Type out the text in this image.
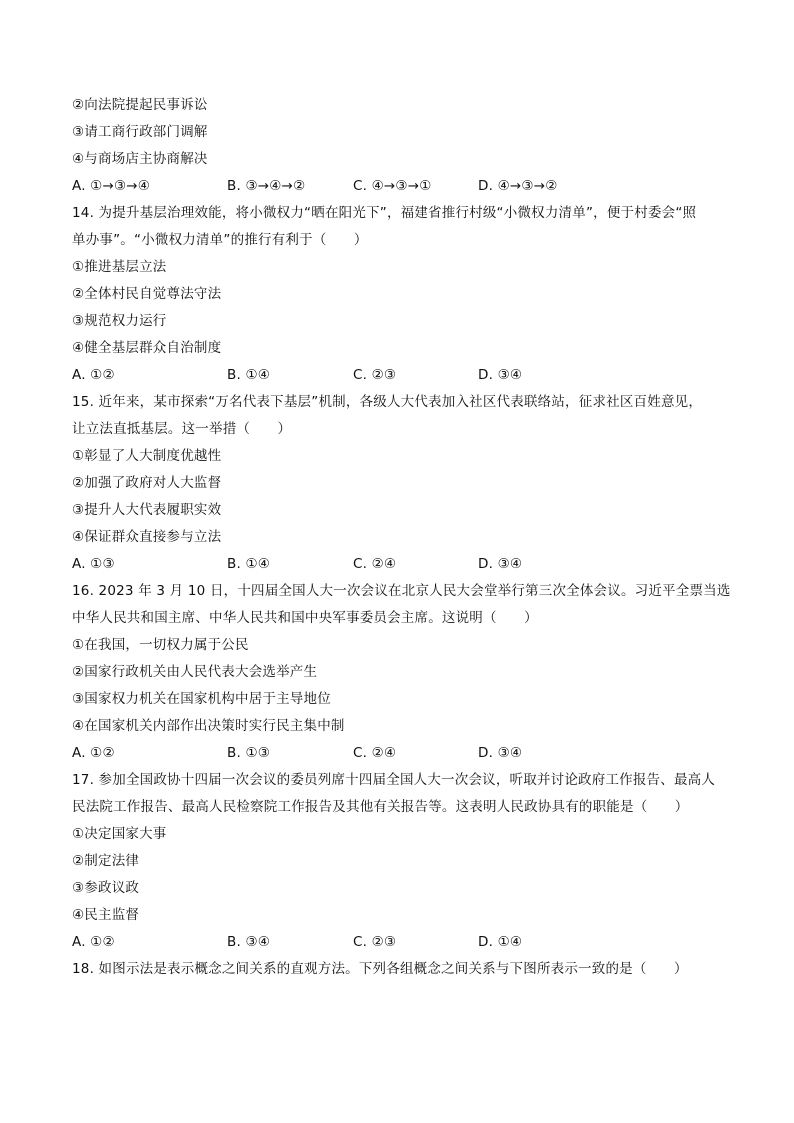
②向法院提起民事诉讼
③请工商行政部门调解
④与商场店主协商解决
A. ①→③→④	B. ③→④→②	C. ④→③→①	D. ④→③→②
14. 为提升基层治理效能，将小微权力“晒在阳光下”，福建省推行村级“小微权力清单”，便于村委会“照
单办事”。“小微权力清单”的推行有利于（　　）
①推进基层立法
②全体村民自觉尊法守法
③规范权力运行
④健全基层群众自治制度
A. ①②	B. ①④	C. ②③	D. ③④
15. 近年来，某市探索“万名代表下基层”机制，各级人大代表加入社区代表联络站，征求社区百姓意见，
让立法直抵基层。这一举措（　　）
①彰显了人大制度优越性
②加强了政府对人大监督
③提升人大代表履职实效
④保证群众直接参与立法
A. ①③	B. ①④	C. ②④	D. ③④
16. 2023 年 3 月 10 日，十四届全国人大一次会议在北京人民大会堂举行第三次全体会议。习近平全票当选
中华人民共和国主席、中华人民共和国中央军事委员会主席。这说明（　　）
①在我国，一切权力属于公民
②国家行政机关由人民代表大会选举产生
③国家权力机关在国家机构中居于主导地位
④在国家机关内部作出决策时实行民主集中制
A. ①②	B. ①③	C. ②④	D. ③④
17. 参加全国政协十四届一次会议的委员列席十四届全国人大一次会议，听取并讨论政府工作报告、最高人
民法院工作报告、最高人民检察院工作报告及其他有关报告等。这表明人民政协具有的职能是（　　）
①决定国家大事
②制定法律
③参政议政
④民主监督
A. ①②	B. ③④	C. ②③	D. ①④
18. 如图示法是表示概念之间关系的直观方法。下列各组概念之间关系与下图所表示一致的是（　　）
